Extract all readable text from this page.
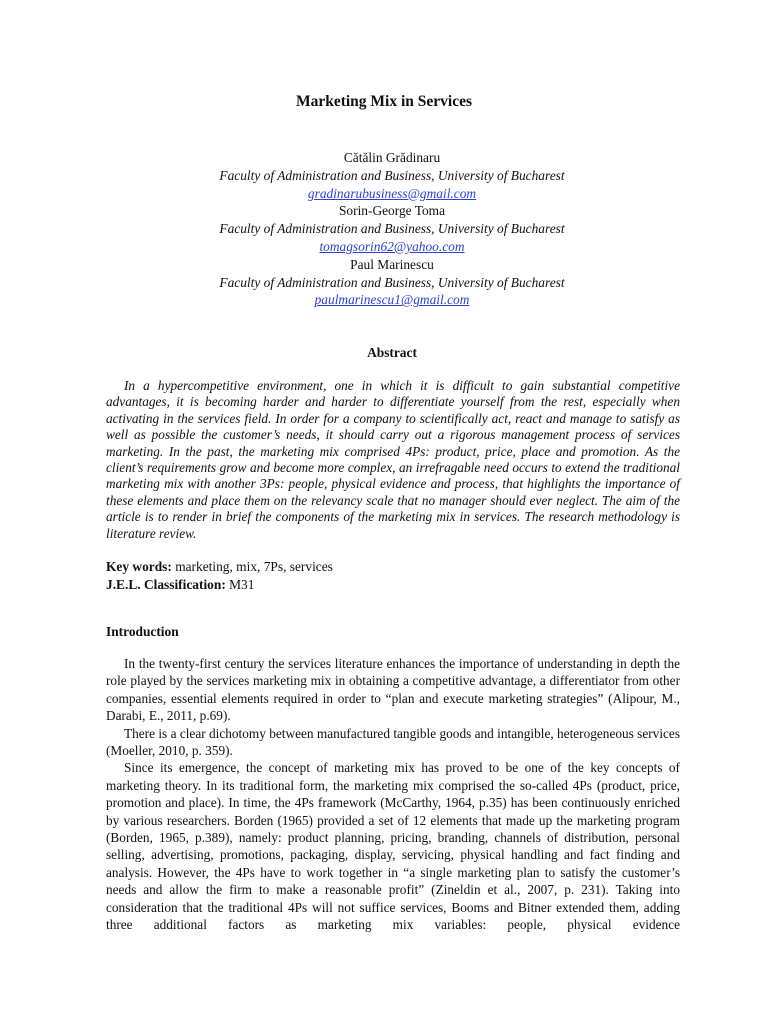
Marketing Mix in Services
Cătălin Grădinaru
Faculty of Administration and Business, University of Bucharest
gradinarubusiness@gmail.com
Sorin-George Toma
Faculty of Administration and Business, University of Bucharest
tomagsorin62@yahoo.com
Paul Marinescu
Faculty of Administration and Business, University of Bucharest
paulmarinescu1@gmail.com
Abstract
In a hypercompetitive environment, one in which it is difficult to gain substantial competitive advantages, it is becoming harder and harder to differentiate yourself from the rest, especially when activating in the services field. In order for a company to scientifically act, react and manage to satisfy as well as possible the customer’s needs, it should carry out a rigorous management process of services marketing. In the past, the marketing mix comprised 4Ps: product, price, place and promotion. As the client’s requirements grow and become more complex, an irrefragable need occurs to extend the traditional marketing mix with another 3Ps: people, physical evidence and process, that highlights the importance of these elements and place them on the relevancy scale that no manager should ever neglect. The aim of the article is to render in brief the components of the marketing mix in services. The research methodology is literature review.
Key words: marketing, mix, 7Ps, services
J.E.L. Classification: M31
Introduction

In the twenty-first century the services literature enhances the importance of understanding in depth the role played by the services marketing mix in obtaining a competitive advantage, a differentiator from other companies, essential elements required in order to “plan and execute marketing strategies” (Alipour, M., Darabi, E., 2011, p.69).

There is a clear dichotomy between manufactured tangible goods and intangible, heterogeneous services (Moeller, 2010, p. 359).

Since its emergence, the concept of marketing mix has proved to be one of the key concepts of marketing theory. In its traditional form, the marketing mix comprised the so-called 4Ps (product, price, promotion and place). In time, the 4Ps framework (McCarthy, 1964, p.35) has been continuously enriched by various researchers. Borden (1965) provided a set of 12 elements that made up the marketing program (Borden, 1965, p.389), namely: product planning, pricing, branding, channels of distribution, personal selling, advertising, promotions, packaging, display, servicing, physical handling and fact finding and analysis. However, the 4Ps have to work together in “a single marketing plan to satisfy the customer’s needs and allow the firm to make a reasonable profit” (Zineldin et al., 2007, p. 231). Taking into consideration that the traditional 4Ps will not suffice services, Booms and Bitner extended them, adding three additional factors as marketing mix variables: people, physical evidence
